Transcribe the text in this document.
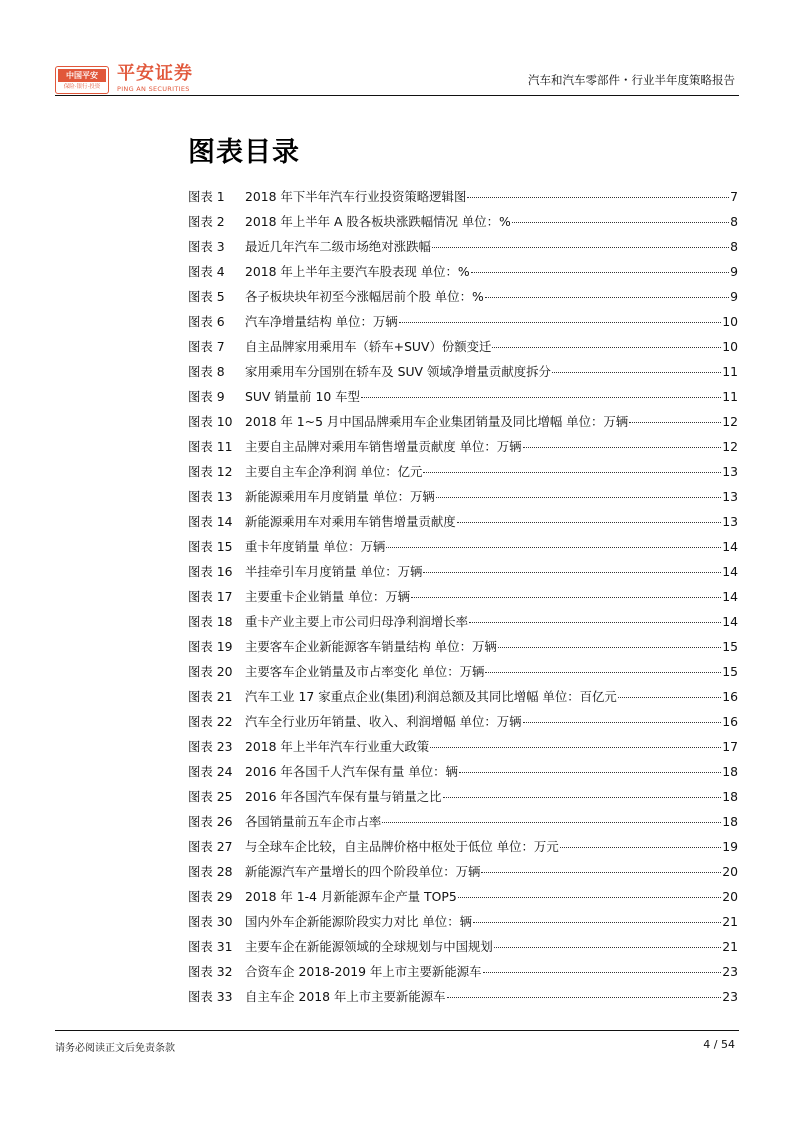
中国平安
保险·银行·投资
平安证券
PING AN SECURITIES
汽车和汽车零部件・行业半年度策略报告
图表目录
图表 1	2018 年下半年汽车行业投资策略逻辑图	7
图表 2	2018 年上半年 A 股各板块涨跌幅情况 单位：%	8
图表 3	最近几年汽车二级市场绝对涨跌幅	8
图表 4	2018 年上半年主要汽车股表现 单位：%	9
图表 5	各子板块块年初至今涨幅居前个股 单位：%	9
图表 6	汽车净增量结构 单位：万辆	10
图表 7	自主品牌家用乘用车（轿车+SUV）份额变迁	10
图表 8	家用乘用车分国别在轿车及 SUV 领域净增量贡献度拆分	11
图表 9	SUV 销量前 10 车型	11
图表 10	2018 年 1~5 月中国品牌乘用车企业集团销量及同比增幅 单位：万辆	12
图表 11	主要自主品牌对乘用车销售增量贡献度 单位：万辆	12
图表 12	主要自主车企净利润 单位：亿元	13
图表 13	新能源乘用车月度销量 单位：万辆	13
图表 14	新能源乘用车对乘用车销售增量贡献度	13
图表 15	重卡年度销量 单位：万辆	14
图表 16	半挂牵引车月度销量 单位：万辆	14
图表 17	主要重卡企业销量 单位：万辆	14
图表 18	重卡产业主要上市公司归母净利润增长率	14
图表 19	主要客车企业新能源客车销量结构 单位：万辆	15
图表 20	主要客车企业销量及市占率变化 单位：万辆	15
图表 21	汽车工业 17 家重点企业(集团)利润总额及其同比增幅 单位：百亿元	16
图表 22	汽车全行业历年销量、收入、利润增幅 单位：万辆	16
图表 23	2018 年上半年汽车行业重大政策	17
图表 24	2016 年各国千人汽车保有量 单位：辆	18
图表 25	2016 年各国汽车保有量与销量之比	18
图表 26	各国销量前五车企市占率	18
图表 27	与全球车企比较，自主品牌价格中枢处于低位 单位：万元	19
图表 28	新能源汽车产量增长的四个阶段单位：万辆	20
图表 29	2018 年 1-4 月新能源车企产量 TOP5	20
图表 30	国内外车企新能源阶段实力对比 单位：辆	21
图表 31	主要车企在新能源领域的全球规划与中国规划	21
图表 32	合资车企 2018-2019 年上市主要新能源车	23
图表 33	自主车企 2018 年上市主要新能源车	23
请务必阅读正文后免责条款	4 / 54
